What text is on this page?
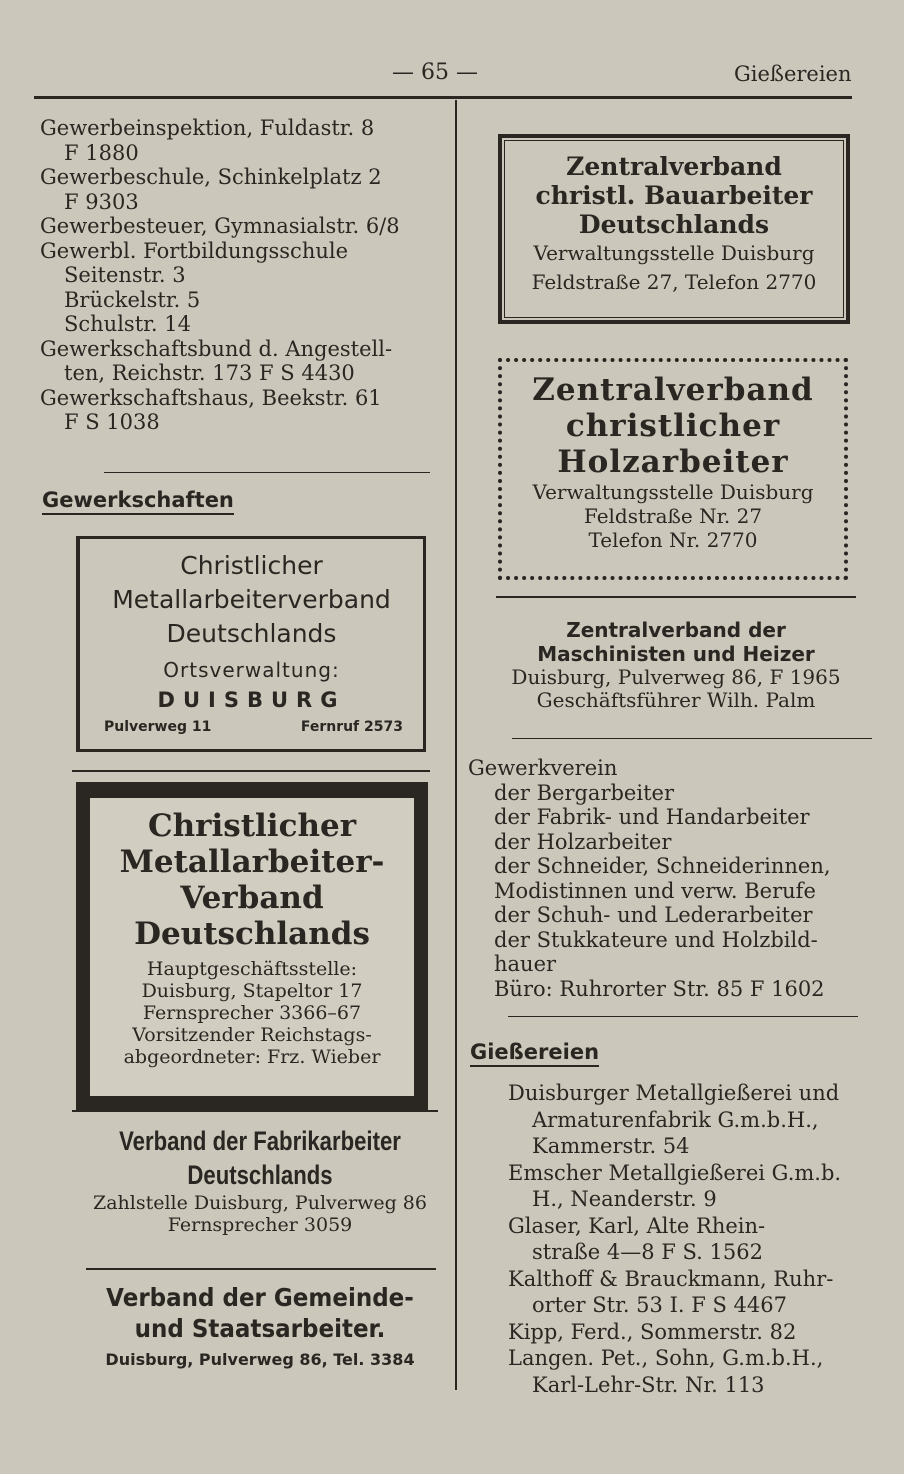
— 65 —	Gießereien
Gewerbeinspektion, Fuldastr. 8
F 1880
Gewerbeschule, Schinkelplatz 2
F 9303
Gewerbesteuer, Gymnasialstr. 6/8
Gewerbl. Fortbildungsschule
Seitenstr. 3
Brückelstr. 5
Schulstr. 14
Gewerkschaftsbund d. Angestell-
ten, Reichstr. 173 F S 4430
Gewerkschaftshaus, Beekstr. 61
F S 1038
Gewerkschaften
Christlicher
Metallarbeiterverband
Deutschlands
Ortsverwaltung:
DUISBURG
Pulverweg 11	Fernruf 2573
Christlicher
Metallarbeiter-
Verband
Deutschlands
Hauptgeschäftsstelle:
Duisburg, Stapeltor 17
Fernsprecher 3366–67
Vorsitzender Reichstags-
abgeordneter: Frz. Wieber
Verband der Fabrikarbeiter
Deutschlands
Zahlstelle Duisburg, Pulverweg 86
Fernsprecher 3059
Verband der Gemeinde-
und Staatsarbeiter.
Duisburg, Pulverweg 86, Tel. 3384
Zentralverband
christl. Bauarbeiter
Deutschlands
Verwaltungsstelle Duisburg
Feldstraße 27, Telefon 2770
Zentralverband
christlicher
Holzarbeiter
Verwaltungsstelle Duisburg
Feldstraße Nr. 27
Telefon Nr. 2770
Zentralverband der
Maschinisten und Heizer
Duisburg, Pulverweg 86, F 1965
Geschäftsführer Wilh. Palm
Gewerkverein
der Bergarbeiter
der Fabrik- und Handarbeiter
der Holzarbeiter
der Schneider, Schneiderinnen,
Modistinnen und verw. Berufe
der Schuh- und Lederarbeiter
der Stukkateure und Holzbild-
hauer
Büro: Ruhrorter Str. 85 F 1602
Gießereien
Duisburger Metallgießerei und
Armaturenfabrik G.m.b.H.,
Kammerstr. 54
Emscher Metallgießerei G.m.b.
H., Neanderstr. 9
Glaser, Karl, Alte Rhein-
straße 4—8 F S. 1562
Kalthoff & Brauckmann, Ruhr-
orter Str. 53 I. F S 4467
Kipp, Ferd., Sommerstr. 82
Langen. Pet., Sohn, G.m.b.H.,
Karl-Lehr-Str. Nr. 113
